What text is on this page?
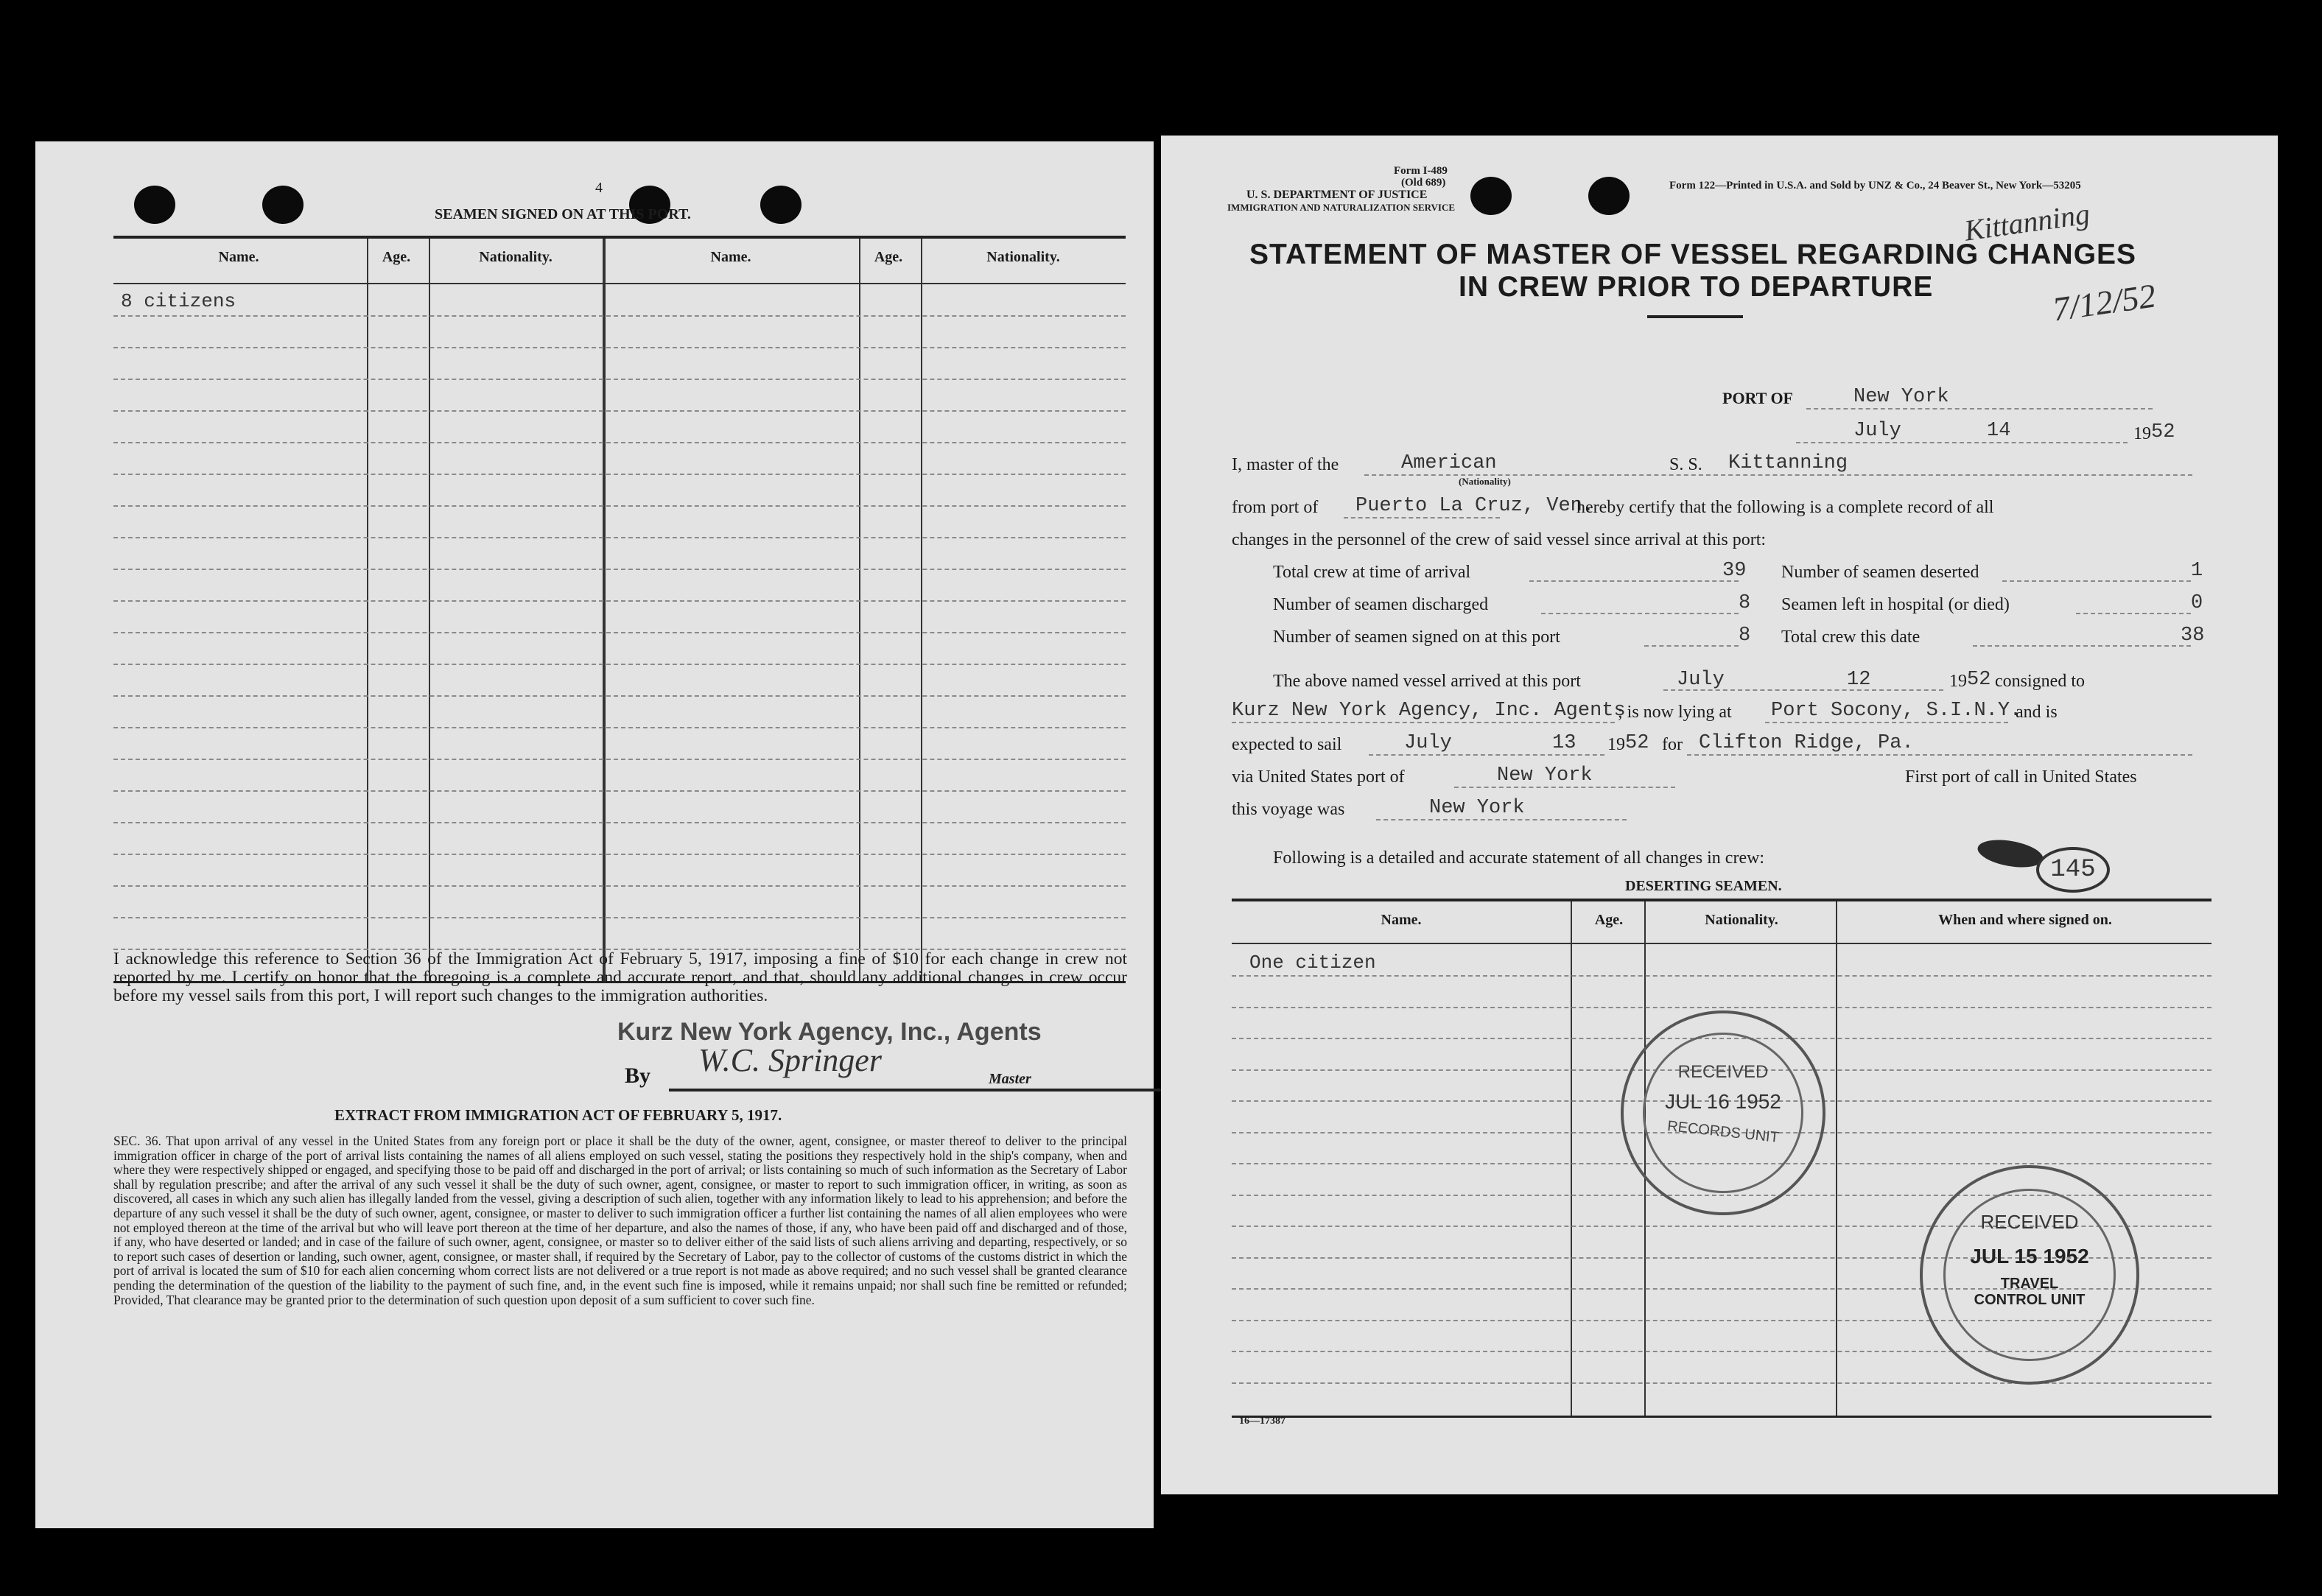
4
SEAMEN SIGNED ON AT THIS PORT.
Name.	Age.	Nationality.	Name.	Age.	Nationality.
8 citizens
I acknowledge this reference to Section 36 of the Immigration Act of February 5, 1917, imposing a fine of $10 for each change in crew not reported by me. I certify on honor that the foregoing is a complete and accurate report, and that, should any additional changes in crew occur before my vessel sails from this port, I will report such changes to the immigration authorities.
Kurz New York Agency, Inc., Agents
By W.C. Springer
Master
EXTRACT FROM IMMIGRATION ACT OF FEBRUARY 5, 1917.
SEC. 36. That upon arrival of any vessel in the United States from any foreign port or place it shall be the duty of the owner, agent, consignee, or master thereof to deliver to the principal immigration officer in charge of the port of arrival lists containing the names of all aliens employed on such vessel, stating the positions they respectively hold in the ship's company, when and where they were respectively shipped or engaged, and specifying those to be paid off and discharged in the port of arrival; or lists containing so much of such information as the Secretary of Labor shall by regulation prescribe; and after the arrival of any such vessel it shall be the duty of such owner, agent, consignee, or master to report to such immigration officer, in writing, as soon as discovered, all cases in which any such alien has illegally landed from the vessel, giving a description of such alien, together with any information likely to lead to his apprehension; and before the departure of any such vessel it shall be the duty of such owner, agent, consignee, or master to deliver to such immigration officer a further list containing the names of all alien employees who were not employed thereon at the time of the arrival but who will leave port thereon at the time of her departure, and also the names of those, if any, who have been paid off and discharged and of those, if any, who have deserted or landed; and in case of the failure of such owner, agent, consignee, or master so to deliver either of the said lists of such aliens arriving and departing, respectively, or so to report such cases of desertion or landing, such owner, agent, consignee, or master shall, if required by the Secretary of Labor, pay to the collector of customs of the customs district in which the port of arrival is located the sum of $10 for each alien concerning whom correct lists are not delivered or a true report is not made as above required; and no such vessel shall be granted clearance pending the determination of the question of the liability to the payment of such fine, and, in the event such fine is imposed, while it remains unpaid; nor shall such fine be remitted or refunded; Provided, That clearance may be granted prior to the determination of such question upon deposit of a sum sufficient to cover such fine.
Form I-489
(Old 689)
U. S. DEPARTMENT OF JUSTICE
IMMIGRATION AND NATURALIZATION SERVICE
Form 122—Printed in U.S.A. and Sold by UNZ & Co., 24 Beaver St., New York—53205
STATEMENT OF MASTER OF VESSEL REGARDING CHANGES
IN CREW PRIOR TO DEPARTURE
Kittanning
7/12/52
PORT OF	New York
July 14	19 52
I, master of the	American
(Nationality)
S. S. Kittanning
from port of Puerto La Cruz, Ven.
hereby certify that the following is a complete record of all
changes in the personnel of the crew of said vessel since arrival at this port:
Total crew at time of arrival	39 Number of seamen deserted	1
Number of seamen discharged	8 Seamen left in hospital (or died)	0
Number of seamen signed on at this port	8 Total crew this date	38
The above named vessel arrived at this port	July 12	19 52 consigned to
Kurz New York Agency, Inc. Agents
; is now lying at Port Socony, S.I.N.Y.
and is
expected to sail	July 13 19 52 for Clifton Ridge, Pa.
via United States port of	New York	First port of call in United States
this voyage was	New York
Following is a detailed and accurate statement of all changes in crew:	145
DESERTING SEAMEN.
Name.	Age.	Nationality.	When and where signed on.
One citizen
RECEIVED
JUL 16 1952
RECORDS UNIT
RECEIVED
JUL 15 1952
TRAVEL CONTROL UNIT
16—17387
